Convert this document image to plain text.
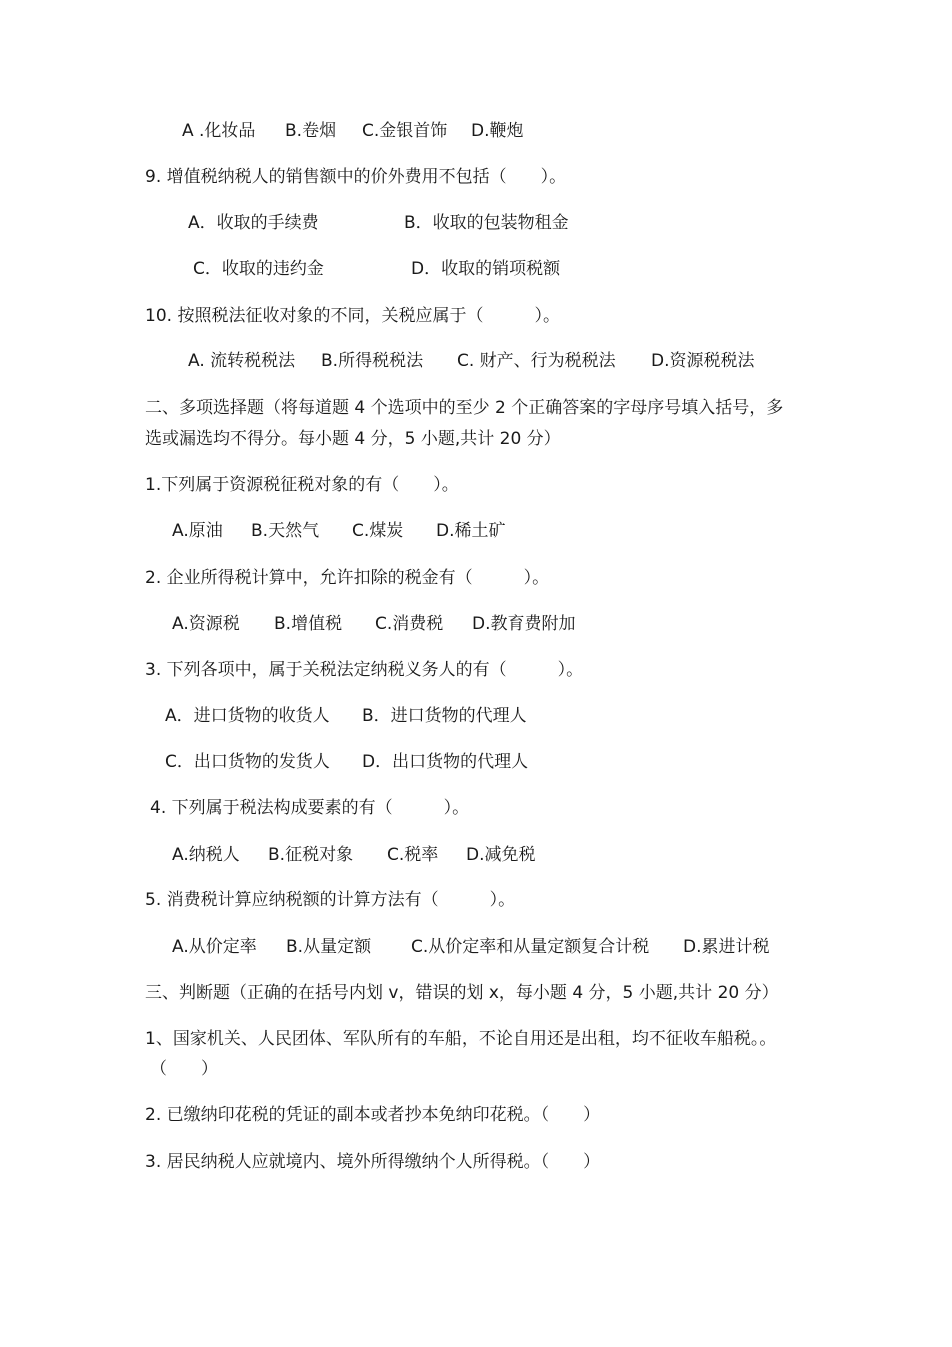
A .化妆品 B.卷烟 C.金银首饰 D.鞭炮
9. 增值税纳税人的销售额中的价外费用不包括（　　）。
A．收取的手续费	B．收取的包装物租金
C．收取的违约金	D．收取的销项税额
10. 按照税法征收对象的不同，关税应属于（　　　）。
A. 流转税税法 B.所得税税法 C. 财产、行为税税法 D.资源税税法
二、多项选择题（将每道题 4 个选项中的至少 2 个正确答案的字母序号填入括号，多
选或漏选均不得分。每小题 4 分，5 小题,共计 20 分）
1.下列属于资源税征税对象的有（　　）。
A.原油 B.天然气 C.煤炭 D.稀土矿
2. 企业所得税计算中，允许扣除的税金有（　　　）。
A.资源税 B.增值税 C.消费税 D.教育费附加
3. 下列各项中，属于关税法定纳税义务人的有（　　　）。
A．进口货物的收货人 B．进口货物的代理人
C．出口货物的发货人 D．出口货物的代理人
4. 下列属于税法构成要素的有（　　　）。
A.纳税人 B.征税对象 C.税率 D.减免税
5. 消费税计算应纳税额的计算方法有（　　　）。
A.从价定率 B.从量定额 C.从价定率和从量定额复合计税 D.累进计税
三、判断题（正确的在括号内划 v，错误的划 x，每小题 4 分，5 小题,共计 20 分）
1、国家机关、人民团体、军队所有的车船，不论自用还是出租，均不征收车船税。。
（　　）
2. 已缴纳印花税的凭证的副本或者抄本免纳印花税。（　　）
3. 居民纳税人应就境内、境外所得缴纳个人所得税。（　　）
